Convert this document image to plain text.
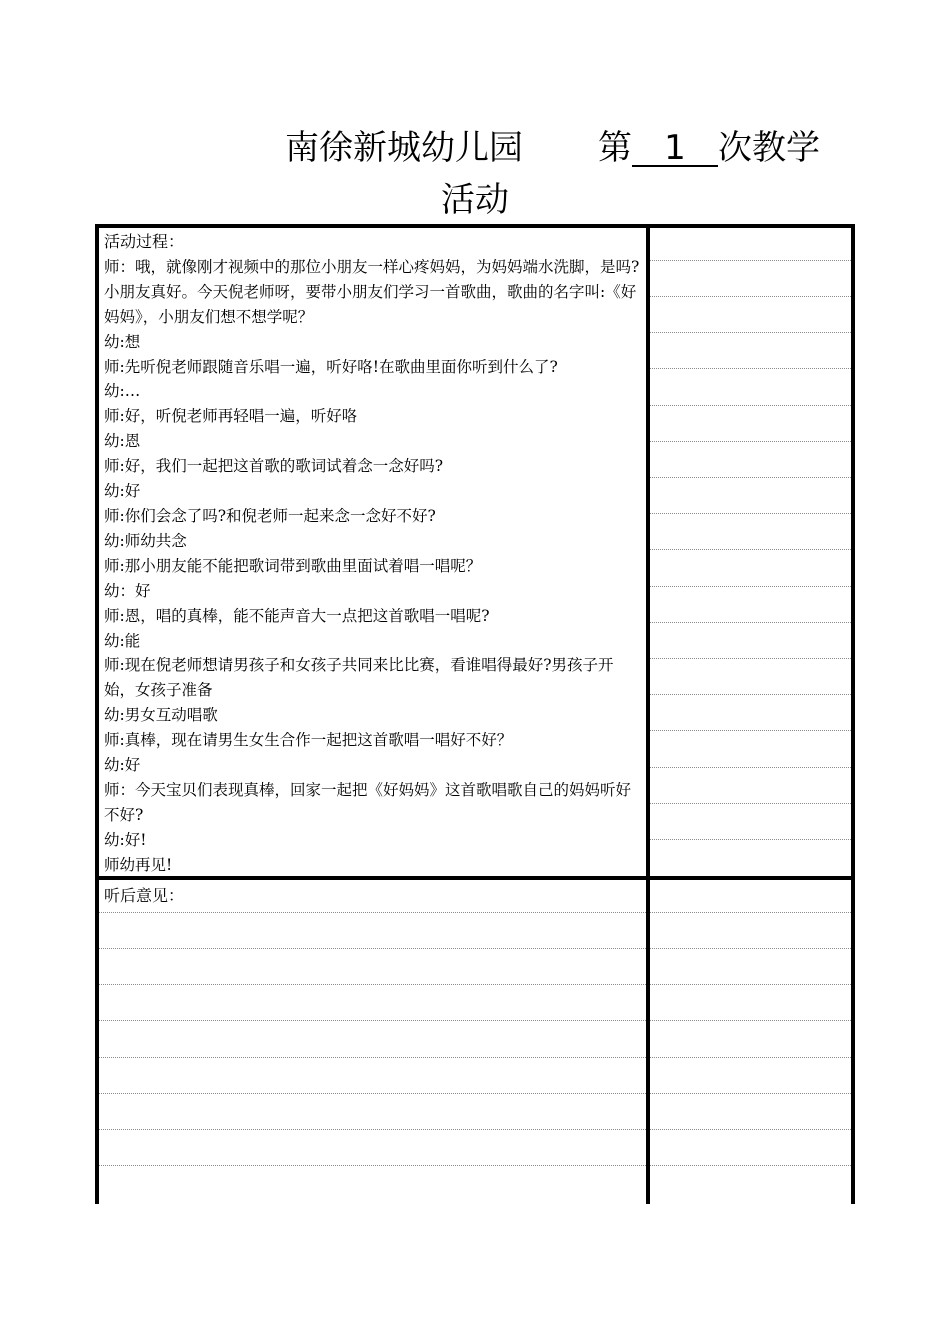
南徐新城幼儿园 第 1 次教学
活动
活动过程：
师：哦，就像刚才视频中的那位小朋友一样心疼妈妈，为妈妈端水洗脚，是吗?小朋友真好。今天倪老师呀，要带小朋友们学习一首歌曲，歌曲的名字叫:《好妈妈》，小朋友们想不想学呢？
幼:想
师:先听倪老师跟随音乐唱一遍，听好咯!在歌曲里面你听到什么了?
幼:…
师:好，听倪老师再轻唱一遍，听好咯
幼:恩
师:好，我们一起把这首歌的歌词试着念一念好吗?
幼:好
师:你们会念了吗?和倪老师一起来念一念好不好?
幼:师幼共念
师:那小朋友能不能把歌词带到歌曲里面试着唱一唱呢？
幼：好
师:恩，唱的真棒，能不能声音大一点把这首歌唱一唱呢?
幼:能
师:现在倪老师想请男孩子和女孩子共同来比比赛，看谁唱得最好?男孩子开始，女孩子准备
幼:男女互动唱歌
师:真棒，现在请男生女生合作一起把这首歌唱一唱好不好？
幼:好
师：今天宝贝们表现真棒，回家一起把《好妈妈》这首歌唱歌自己的妈妈听好不好?
幼:好!
师幼再见!
听后意见：
